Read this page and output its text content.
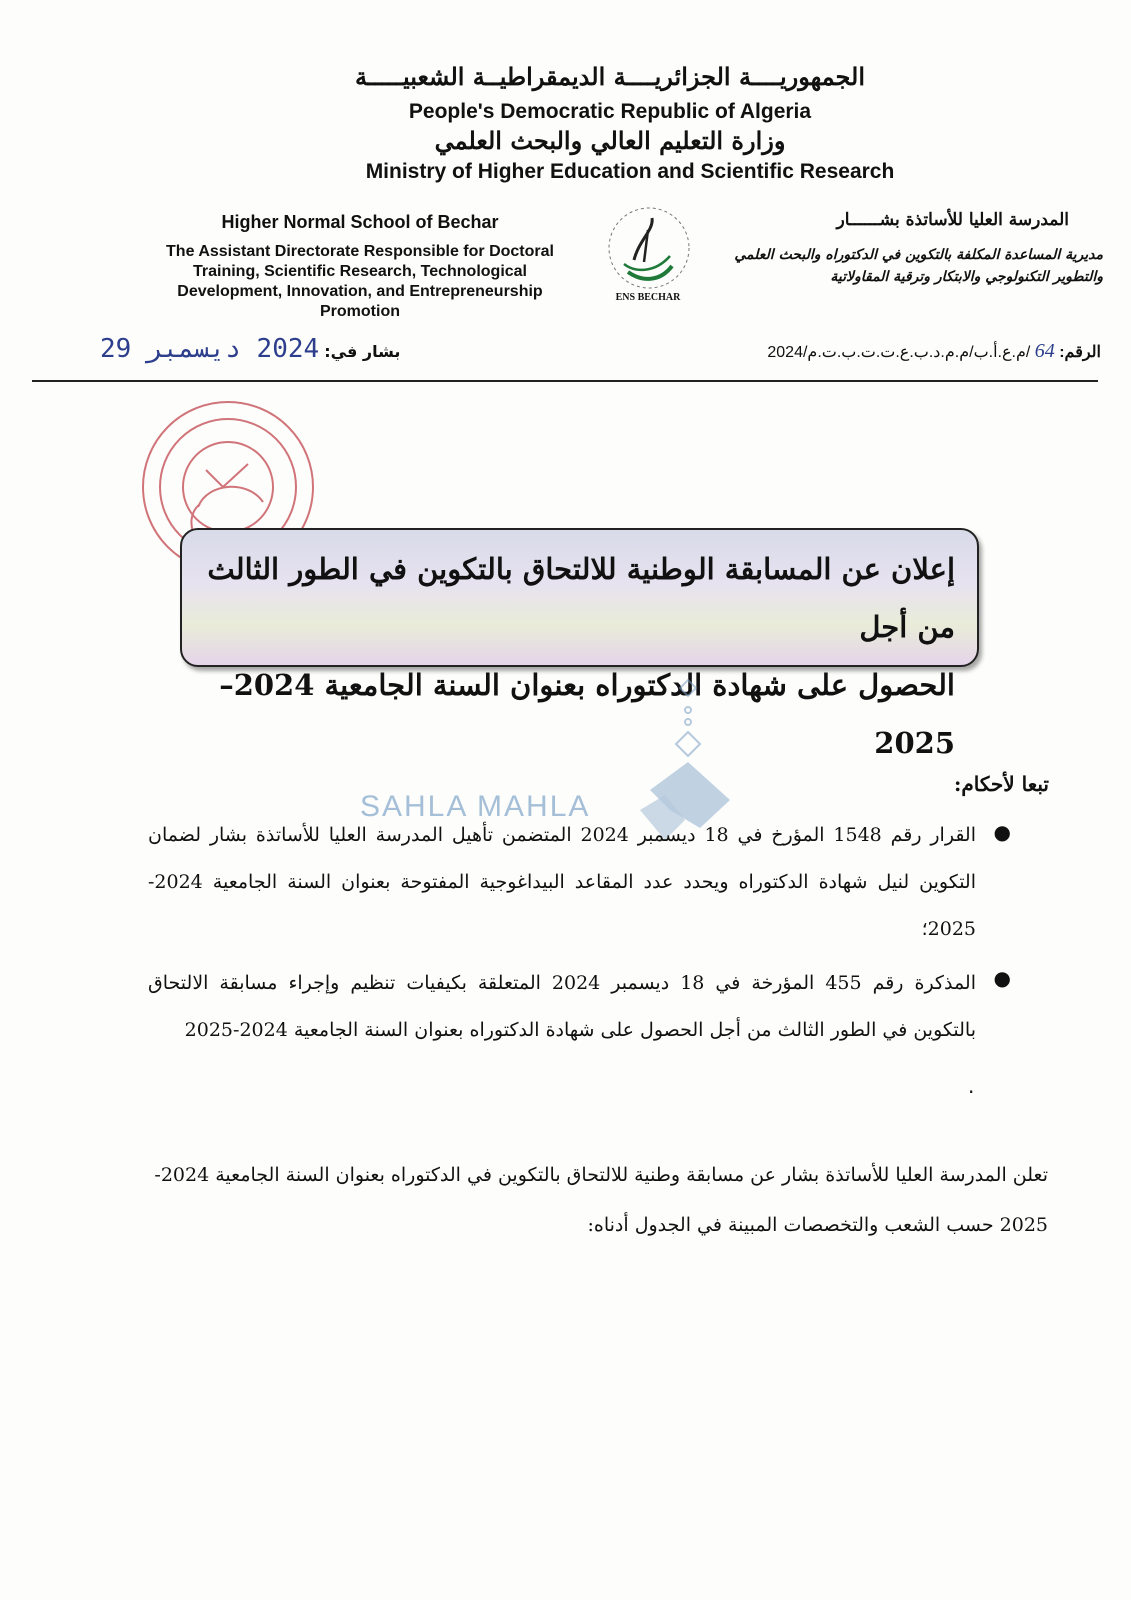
الجمهوريــــة الجزائريــــة الديمقراطيــة الشعبيـــــة
People's Democratic Republic of Algeria
وزارة التعليم العالي والبحث العلمي
Ministry of Higher Education and Scientific Research
Higher Normal School of Bechar
The Assistant Directorate Responsible for Doctoral Training, Scientific Research, Technological Development, Innovation, and Entrepreneurship Promotion
المدرسة العليا للأساتذة بشــــــار
مديرية المساعدة المكلفة بالتكوين في الدكتوراه والبحث العلمي
والتطوير التكنولوجي والابتكار وترقية المقاولاتية
ENS BECHAR
الرقم: 64 /م.ع.أ.ب/م.م.د.ب.ع.ت.ت.ب.ت.م/2024
بشار في: 2024 ديسمبر 29
إعلان عن المسابقة الوطنية للالتحاق بالتكوين في الطور الثالث من أجل
الحصول على شهادة الدكتوراه بعنوان السنة الجامعية 2024–2025
SAHLA MAHLA
تبعا لأحكام:
●
القرار رقم 1548 المؤرخ في 18 ديسمبر 2024 المتضمن تأهيل المدرسة العليا للأساتذة بشار لضمان التكوين لنيل شهادة الدكتوراه ويحدد عدد المقاعد البيداغوجية المفتوحة بعنوان السنة الجامعية 2024-2025؛
●
المذكرة رقم 455 المؤرخة في 18 ديسمبر 2024 المتعلقة بكيفيات تنظيم وإجراء مسابقة الالتحاق بالتكوين في الطور الثالث من أجل الحصول على شهادة الدكتوراه بعنوان السنة الجامعية 2024-2025
.
تعلن المدرسة العليا للأساتذة بشار عن مسابقة وطنية للالتحاق بالتكوين في الدكتوراه بعنوان السنة الجامعية 2024-2025 حسب الشعب والتخصصات المبينة في الجدول أدناه:
